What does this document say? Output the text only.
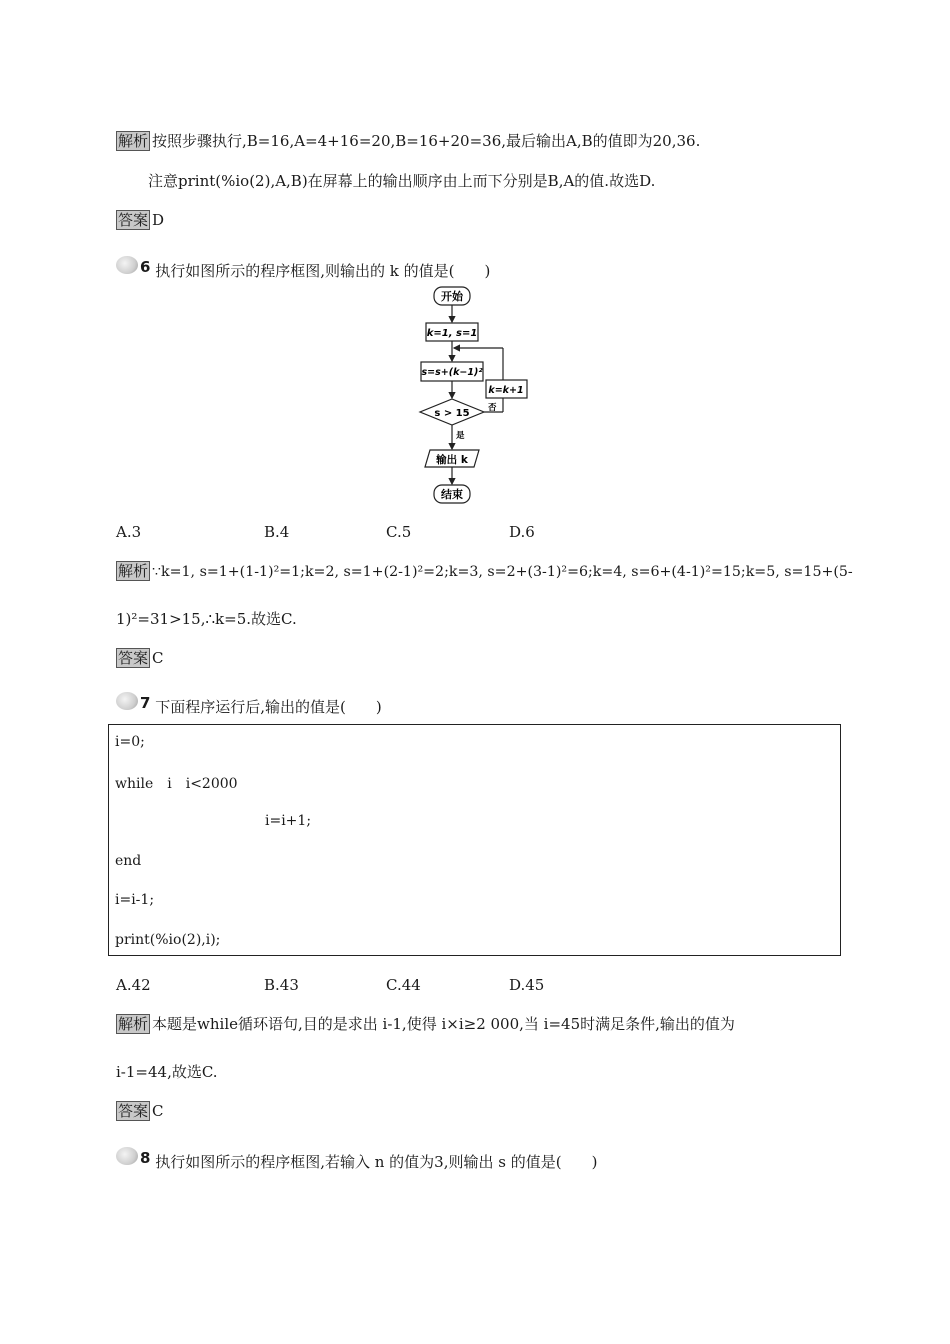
解析 按照步骤执行,B=16,A=4+16=20,B=16+20=36,最后输出A,B的值即为20,36.
注意print(%io(2),A,B)在屏幕上的输出顺序由上而下分别是B,A的值.故选D.
答案 D
6 执行如图所示的程序框图,则输出的 k 的值是(　　)
开始
k=1, s=1
s=s+(k−1)²
s > 15 否
k=k+1
是
输出 k
结束
A.3	B.4	C.5	D.6
解析 ∵k=1, s=1+(1-1)²=1;k=2, s=1+(2-1)²=2;k=3, s=2+(3-1)²=6;k=4, s=6+(4-1)²=15;k=5, s=15+(5-
1)²=31>15,∴k=5.故选C.
答案 C
7 下面程序运行后,输出的值是(　　)
i=0;
while　i　i<2000
i=i+1;
end
i=i-1;
print(%io(2),i);
A.42	B.43	C.44	D.45
解析 本题是while循环语句,目的是求出 i-1,使得 i×i≥2 000,当 i=45时满足条件,输出的值为
i-1=44,故选C.
答案 C
8 执行如图所示的程序框图,若输入 n 的值为3,则输出 s 的值是(　　)
